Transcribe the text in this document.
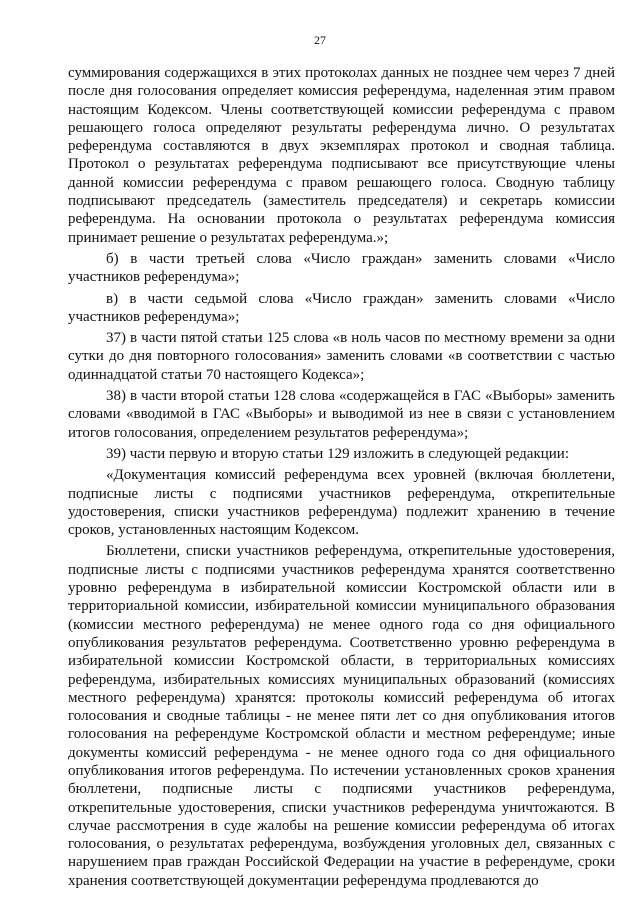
27

суммирования содержащихся в этих протоколах данных не позднее чем через 7 дней после дня голосования определяет комиссия референдума, наделенная этим правом настоящим Кодексом. Члены соответствующей комиссии референдума с правом решающего голоса определяют результаты референдума лично. О результатах референдума составляются в двух экземплярах протокол и сводная таблица. Протокол о результатах референдума подписывают все присутствующие члены данной комиссии референдума с правом решающего голоса. Сводную таблицу подписывают председатель (заместитель председателя) и секретарь комиссии референдума. На основании протокола о результатах референдума комиссия принимает решение о результатах референдума.»;

б) в части третьей слова «Число граждан» заменить словами «Число участников референдума»;

в) в части седьмой слова «Число граждан» заменить словами «Число участников референдума»;

37) в части пятой статьи 125 слова «в ноль часов по местному времени за одни сутки до дня повторного голосования» заменить словами «в соответствии с частью одиннадцатой статьи 70 настоящего Кодекса»;

38) в части второй статьи 128 слова «содержащейся в ГАС «Выборы» заменить словами «вводимой в ГАС «Выборы» и выводимой из нее в связи с установлением итогов голосования, определением результатов референдума»;

39) части первую и вторую статьи 129 изложить в следующей редакции:

«Документация комиссий референдума всех уровней (включая бюллетени, подписные листы с подписями участников референдума, открепительные удостоверения, списки участников референдума) подлежит хранению в течение сроков, установленных настоящим Кодексом.

Бюллетени, списки участников референдума, открепительные удостоверения, подписные листы с подписями участников референдума хранятся соответственно уровню референдума в избирательной комиссии Костромской области или в территориальной комиссии, избирательной комиссии муниципального образования (комиссии местного референдума) не менее одного года со дня официального опубликования результатов референдума. Соответственно уровню референдума в избирательной комиссии Костромской области, в территориальных комиссиях референдума, избирательных комиссиях муниципальных образований (комиссиях местного референдума) хранятся: протоколы комиссий референдума об итогах голосования и сводные таблицы - не менее пяти лет со дня опубликования итогов голосования на референдуме Костромской области и местном референдуме; иные документы комиссий референдума - не менее одного года со дня официального опубликования итогов референдума. По истечении установленных сроков хранения бюллетени, подписные листы с подписями участников референдума, открепительные удостоверения, списки участников референдума уничтожаются. В случае рассмотрения в суде жалобы на решение комиссии референдума об итогах голосования, о результатах референдума, возбуждения уголовных дел, связанных с нарушением прав граждан Российской Федерации на участие в референдуме, сроки хранения соответствующей документации референдума продлеваются до
